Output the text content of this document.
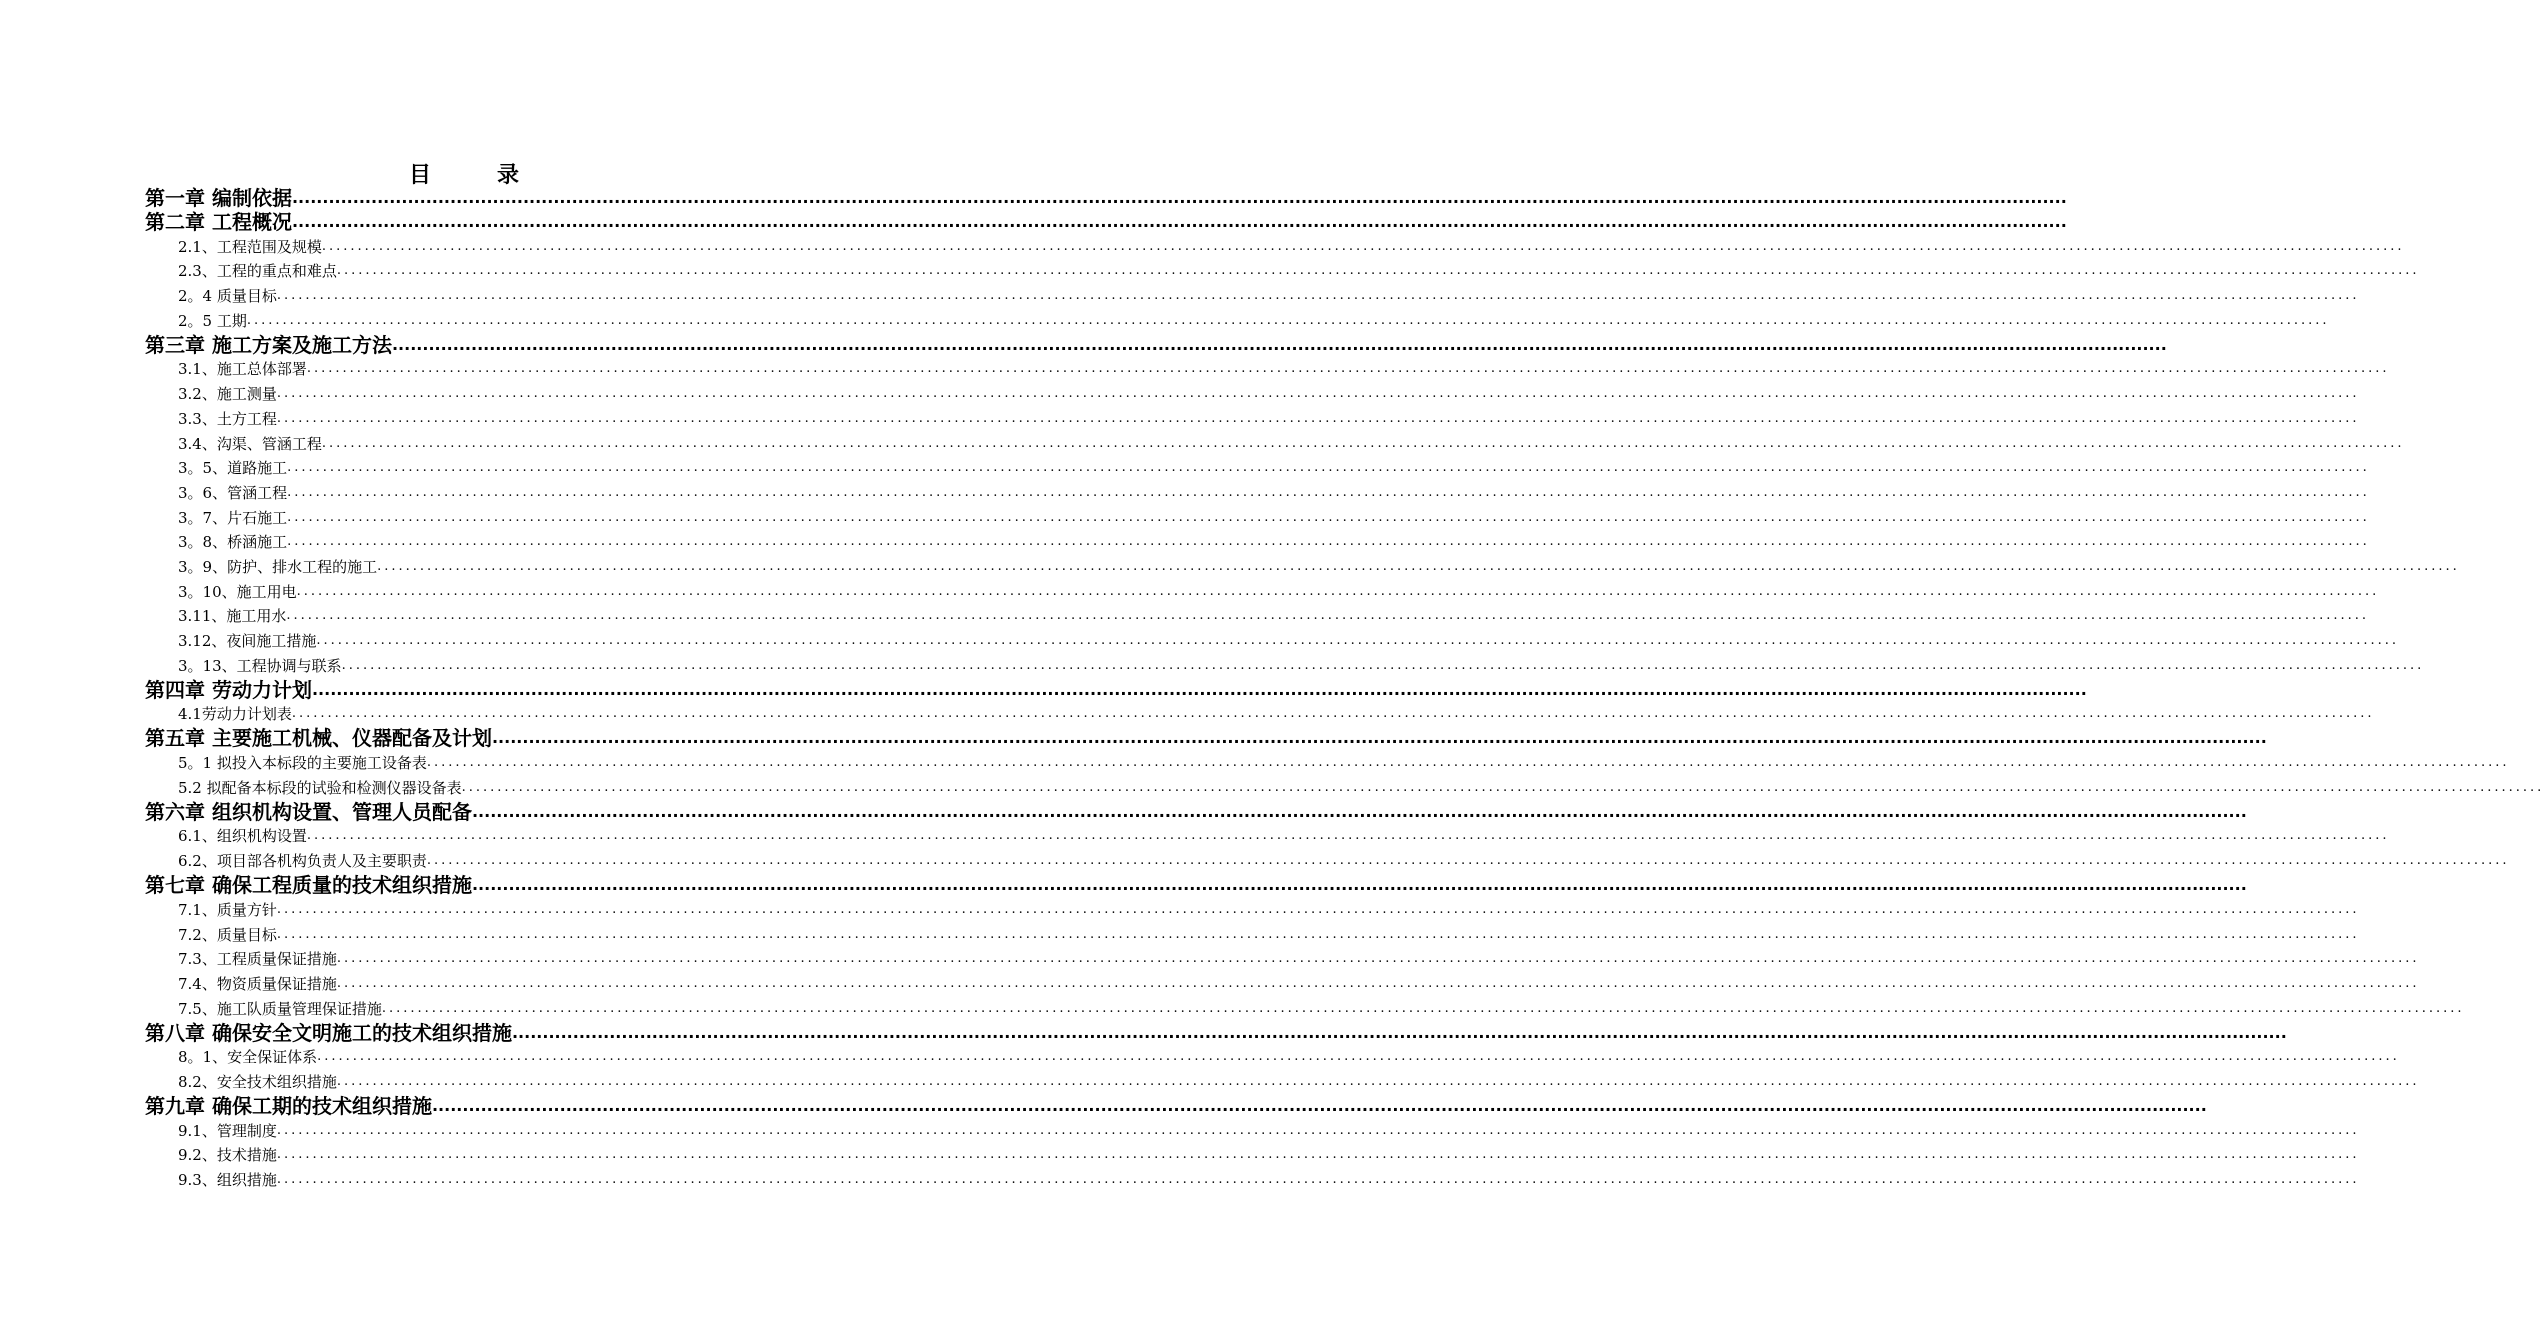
目　录
第一章 编制依据 ....................................................................................................................................................................................................................................................................................................
第二章 工程概况 ....................................................................................................................................................................................................................................................................................................
2.1、工程范围及规模 ....................................................................................................................................................................................................................................................................................................
2.3、工程的重点和难点 ....................................................................................................................................................................................................................................................................................................
2。4 质量目标 ....................................................................................................................................................................................................................................................................................................
2。5 工期 ....................................................................................................................................................................................................................................................................................................
第三章 施工方案及施工方法 ....................................................................................................................................................................................................................................................................................................
3.1、施工总体部署 ....................................................................................................................................................................................................................................................................................................
3.2、施工测量 ....................................................................................................................................................................................................................................................................................................
3.3、土方工程 ....................................................................................................................................................................................................................................................................................................
3.4、沟渠、管涵工程 ....................................................................................................................................................................................................................................................................................................
3。5、道路施工 ....................................................................................................................................................................................................................................................................................................
3。6、管涵工程 ....................................................................................................................................................................................................................................................................................................
3。7、片石施工 ....................................................................................................................................................................................................................................................................................................
3。8、桥涵施工 ....................................................................................................................................................................................................................................................................................................
3。9、防护、排水工程的施工 ....................................................................................................................................................................................................................................................................................................
3。10、施工用电 ....................................................................................................................................................................................................................................................................................................
3.11、施工用水 ....................................................................................................................................................................................................................................................................................................
3.12、夜间施工措施 ....................................................................................................................................................................................................................................................................................................
3。13、工程协调与联系 ....................................................................................................................................................................................................................................................................................................
第四章 劳动力计划 ....................................................................................................................................................................................................................................................................................................
4.1劳动力计划表 ....................................................................................................................................................................................................................................................................................................
第五章 主要施工机械、仪器配备及计划 ....................................................................................................................................................................................................................................................................................................
5。1 拟投入本标段的主要施工设备表 ....................................................................................................................................................................................................................................................................................................
5.2 拟配备本标段的试验和检测仪器设备表 ....................................................................................................................................................................................................................................................................................................
第六章 组织机构设置、管理人员配备 ....................................................................................................................................................................................................................................................................................................
6.1、组织机构设置 ....................................................................................................................................................................................................................................................................................................
6.2、项目部各机构负责人及主要职责 ....................................................................................................................................................................................................................................................................................................
第七章 确保工程质量的技术组织措施 ....................................................................................................................................................................................................................................................................................................
7.1、质量方针 ....................................................................................................................................................................................................................................................................................................
7.2、质量目标 ....................................................................................................................................................................................................................................................................................................
7.3、工程质量保证措施 ....................................................................................................................................................................................................................................................................................................
7.4、物资质量保证措施 ....................................................................................................................................................................................................................................................................................................
7.5、施工队质量管理保证措施 ....................................................................................................................................................................................................................................................................................................
第八章 确保安全文明施工的技术组织措施 ....................................................................................................................................................................................................................................................................................................
8。1、安全保证体系 ....................................................................................................................................................................................................................................................................................................
8.2、安全技术组织措施 ....................................................................................................................................................................................................................................................................................................
第九章 确保工期的技术组织措施 ....................................................................................................................................................................................................................................................................................................
9.1、管理制度 ....................................................................................................................................................................................................................................................................................................
9.2、技术措施 ....................................................................................................................................................................................................................................................................................................
9.3、组织措施 ....................................................................................................................................................................................................................................................................................................
